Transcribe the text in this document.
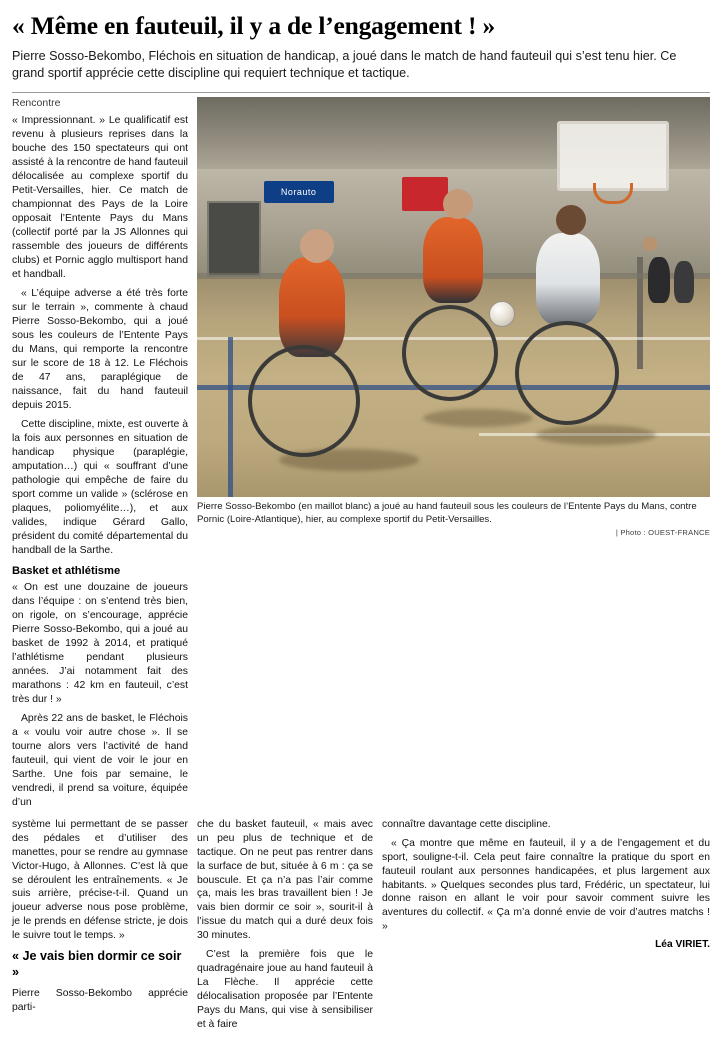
« Même en fauteuil, il y a de l’engagement ! »
Pierre Sosso-Bekombo, Fléchois en situation de handicap, a joué dans le match de hand fauteuil qui s’est tenu hier. Ce grand sportif apprécie cette discipline qui requiert technique et tactique.
Rencontre

« Impressionnant. » Le qualificatif est revenu à plusieurs reprises dans la bouche des 150 spectateurs qui ont assisté à la rencontre de hand fauteuil délocalisée au complexe sportif du Petit-Versailles, hier. Ce match de championnat des Pays de la Loire opposait l’Entente Pays du Mans (collectif porté par la JS Allonnes qui rassemble des joueurs de différents clubs) et Pornic agglo multisport hand et handball.

« L’équipe adverse a été très forte sur le terrain », commente à chaud Pierre Sosso-Bekombo, qui a joué sous les couleurs de l’Entente Pays du Mans, qui remporte la rencontre sur le score de 18 à 12. Le Fléchois de 47 ans, paraplégique de naissance, fait du hand fauteuil depuis 2015.

Cette discipline, mixte, est ouverte à la fois aux personnes en situation de handicap physique (paraplégie, amputation…) qui « souffrant d’une pathologie qui empêche de faire du sport comme un valide » (sclérose en plaques, poliomyélite…), et aux valides, indique Gérard Gallo, président du comité départemental du handball de la Sarthe.

Basket et athlétisme

« On est une douzaine de joueurs dans l’équipe : on s’entend très bien, on rigole, on s’encourage, apprécie Pierre Sosso-Bekombo, qui a joué au basket de 1992 à 2014, et pratiqué l’athlétisme pendant plusieurs années. J’ai notamment fait des marathons : 42 km en fauteuil, c’est très dur ! »

Après 22 ans de basket, le Fléchois a « voulu voir autre chose ». Il se tourne alors vers l’activité de hand fauteuil, qui vient de voir le jour en Sarthe. Une fois par semaine, le vendredi, il prend sa voiture, équipée d’un

Norauto
Pierre Sosso-Bekombo (en maillot blanc) a joué au hand fauteuil sous les couleurs de l’Entente Pays du Mans, contre Pornic (Loire-Atlantique), hier, au complexe sportif du Petit-Versailles.
| Photo : OUEST-FRANCE

système lui permettant de se passer des pédales et d’utiliser des manettes, pour se rendre au gymnase Victor-Hugo, à Allonnes. C’est là que se déroulent les entraînements. « Je suis arrière, précise-t-il. Quand un joueur adverse nous pose problème, je le prends en défense stricte, je dois le suivre tout le temps. »

« Je vais bien dormir ce soir »

Pierre Sosso-Bekombo apprécie parti-

che du basket fauteuil, « mais avec un peu plus de technique et de tactique. On ne peut pas rentrer dans la surface de but, située à 6 m : ça se bouscule. Et ça n’a pas l’air comme ça, mais les bras travaillent bien ! Je vais bien dormir ce soir », sourit-il à l’issue du match qui a duré deux fois 30 minutes.

C’est la première fois que le quadragénaire joue au hand fauteuil à La Flèche. Il apprécie cette délocalisation proposée par l’Entente Pays du Mans, qui vise à sensibiliser et à faire

connaître davantage cette discipline.

« Ça montre que même en fauteuil, il y a de l’engagement et du sport, souligne-t-il. Cela peut faire connaître la pratique du sport en fauteuil roulant aux personnes handicapées, et plus largement aux habitants. » Quelques secondes plus tard, Frédéric, un spectateur, lui donne raison en allant le voir pour savoir comment suivre les aventures du collectif. « Ça m’a donné envie de voir d’autres matchs ! »

Léa VIRIET.
